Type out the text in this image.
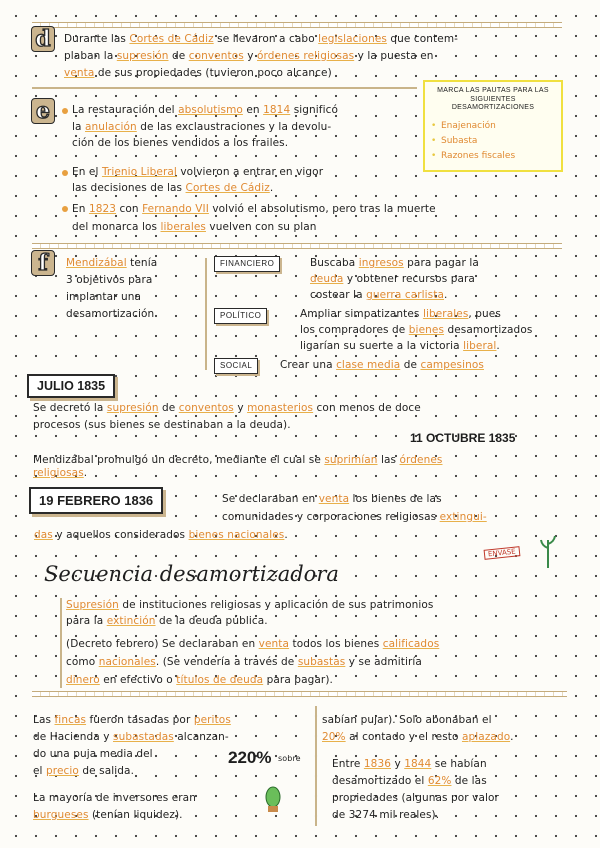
d	Durante las Cortes de Cádiz se llevaron a cabo legislaciones que contem-
plaban la supresión de conventos y órdenes religiosas y la puesta en
venta de sus propiedades (tuvieron poco alcance)
MARCA LAS PAUTAS PARA LAS SIGUIENTES DESAMORTIZACIONES
• Enajenación
• Subasta
• Razones fiscales
e	La restauración del absolutismo en 1814 significó
la anulación de las exclaustraciones y la devolu-
ción de los bienes vendidos a los frailes.
En el Trienio Liberal volvieron a entrar en vigor
las decisiones de las Cortes de Cádiz.
En 1823 con Fernando VII volvió el absolutismo, pero tras la muerte
del monarca los liberales vuelven con su plan
f	Mendizábal tenía
3 objetivos para
implantar una
desamortización
FINANCIERO	Buscaba ingresos para pagar la
deuda y obtener recursos para
costear la guerra carlista.
POLÍTICO	Ampliar simpatizantes liberales, pues
los compradores de bienes desamortizados
ligarían su suerte a la victoria liberal.
SOCIAL	Crear una clase media de campesinos
JULIO 1835
Se decretó la supresión de conventos y monasterios con menos de doce
procesos (sus bienes se destinaban a la deuda).
11 OCTUBRE 1835
Mendizábal promulgó un decreto, mediante el cual se suprimían las órdenes
religiosas.
19 FEBRERO 1836	Se declaraban en venta los bienes de las
comunidades y corporaciones religiosas extingui-
das y aquellos considerados bienes nacionales.
ENVASE
Secuencia desamortizadora
Supresión de instituciones religiosas y aplicación de sus patrimonios
para la extinción de la deuda pública.
(Decreto febrero) Se declaraban en venta todos los bienes calificados
como nacionales. (Se vendería a través de subastas y se admitiría
dinero en efectivo o títulos de deuda para pagar).
Las fincas fueron tasadas por peritos
de Hacienda y subastadas alcanzan-
do una puja media del
el precio de salida.
220% sobre
La mayoría de inversores eran
burgueses (tenían liquidez).
sabían pujar). Solo abonaban el
20% al contado y el resto aplazado.
Entre 1836 y 1844 se habían
desamortizado el 62% de las
propiedades (algunas por valor
de 3274 mil reales).
